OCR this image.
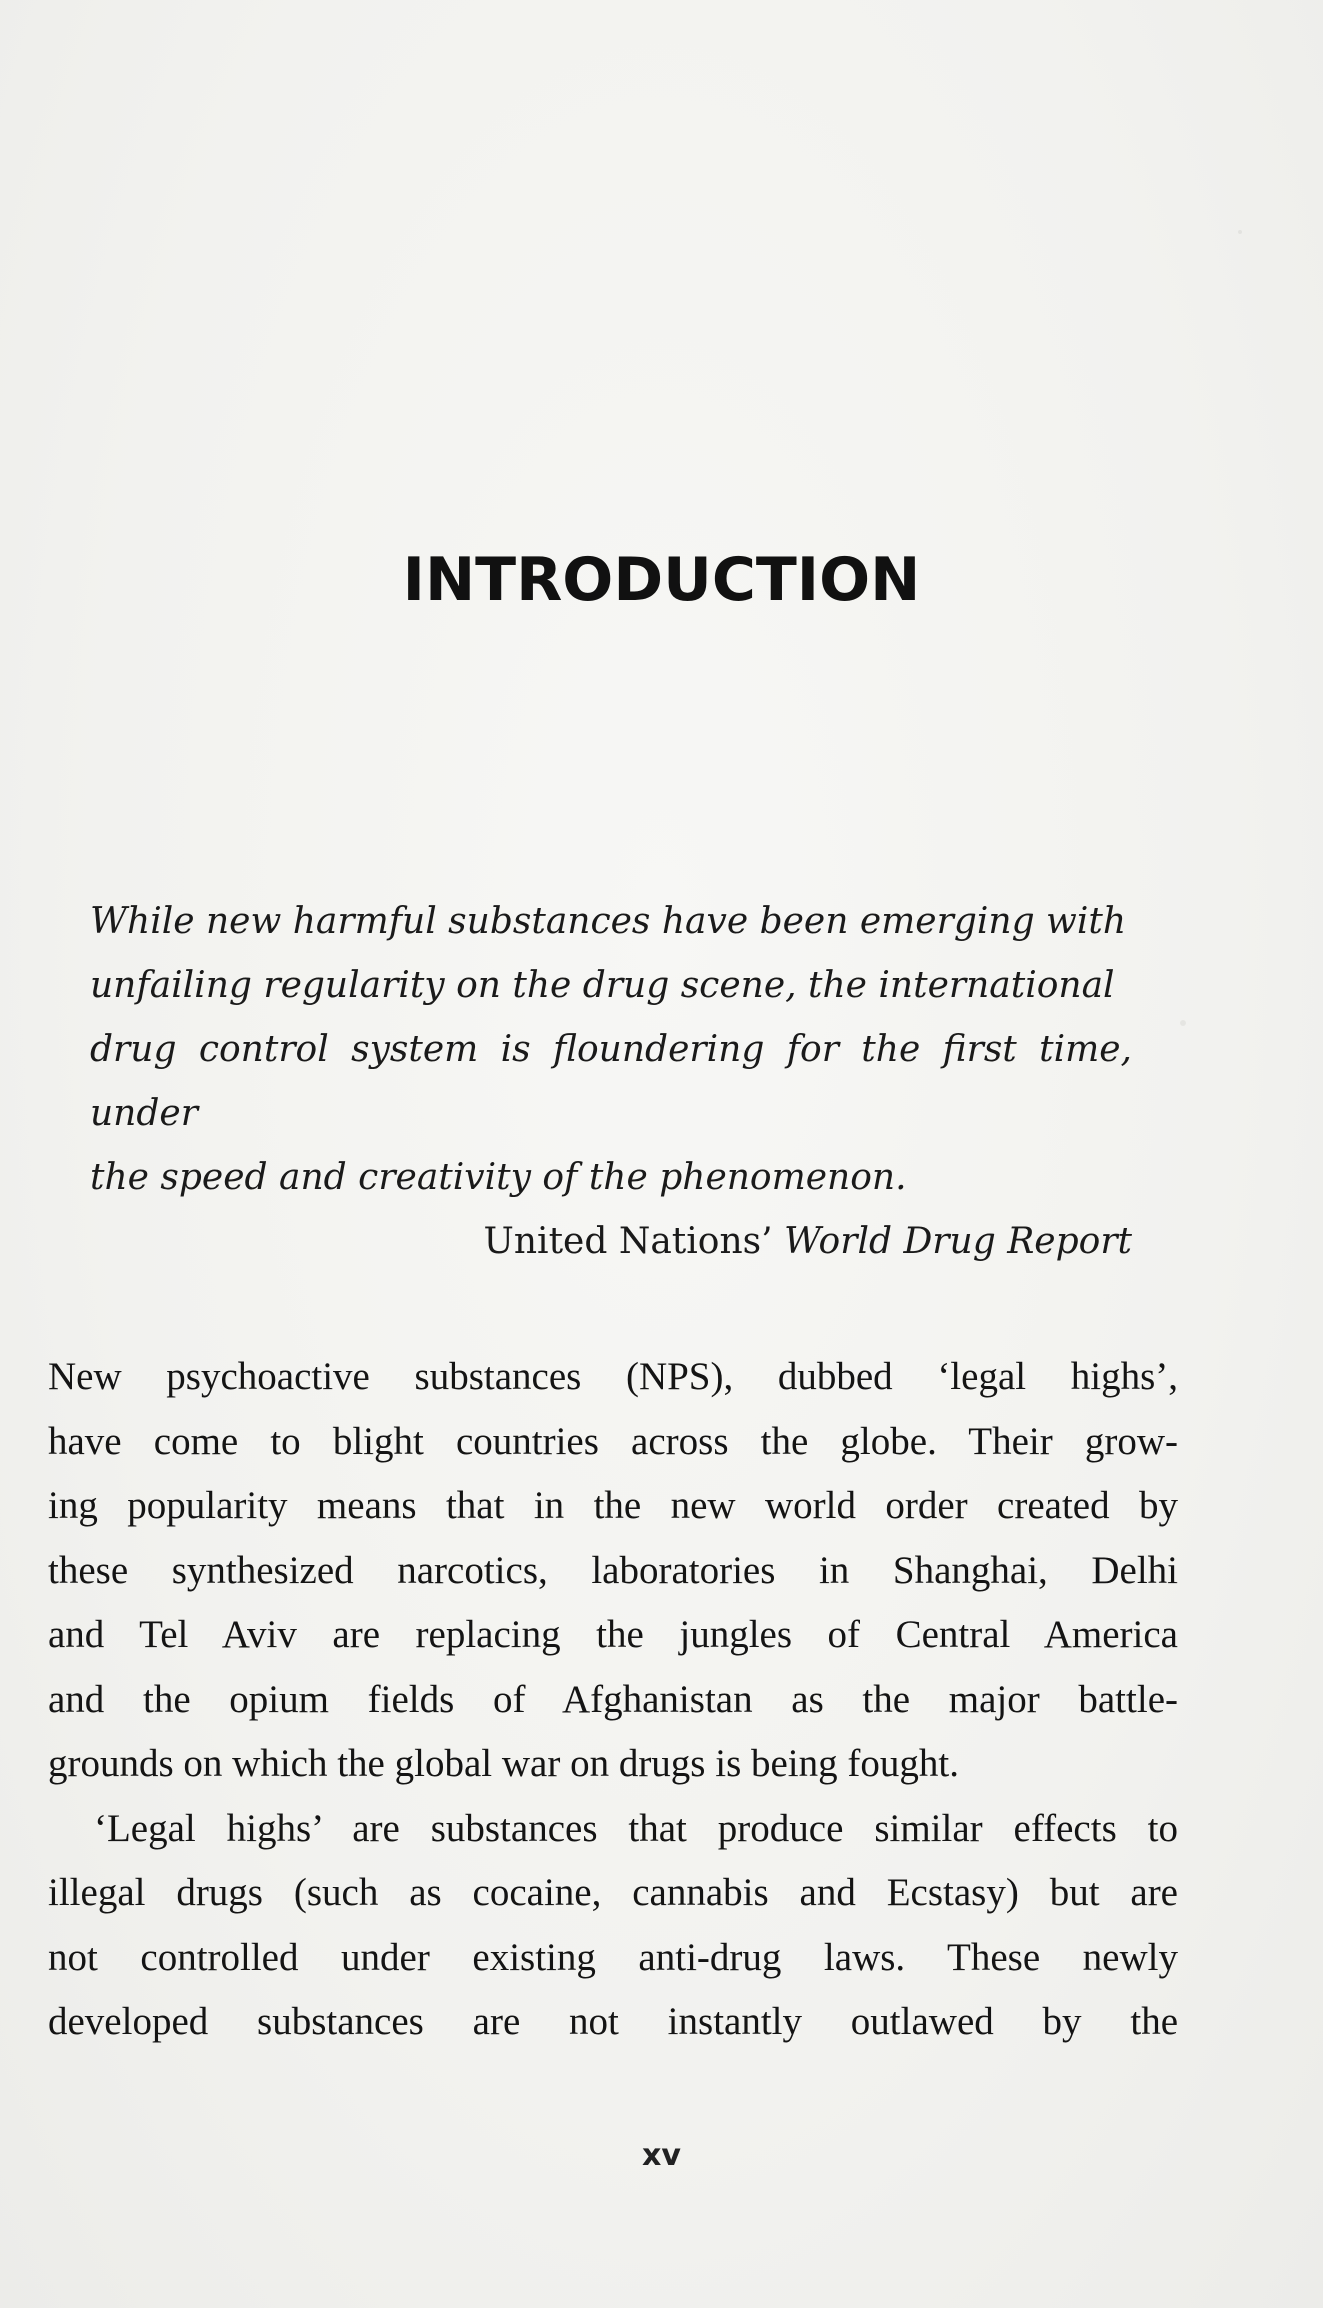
INTRODUCTION

While new harmful substances have been emerging with

unfailing regularity on the drug scene, the international

drug control system is floundering for the first time, under

the speed and creativity of the phenomenon.

United Nations’ World Drug Report

New psychoactive substances (NPS), dubbed ‘legal highs’,

have come to blight countries across the globe. Their grow-

ing popularity means that in the new world order created by

these synthesized narcotics, laboratories in Shanghai, Delhi

and Tel Aviv are replacing the jungles of Central America

and the opium fields of Afghanistan as the major battle-

grounds on which the global war on drugs is being fought.

‘Legal highs’ are substances that produce similar effects to

illegal drugs (such as cocaine, cannabis and Ecstasy) but are

not controlled under existing anti-drug laws. These newly

developed substances are not instantly outlawed by the

xv
